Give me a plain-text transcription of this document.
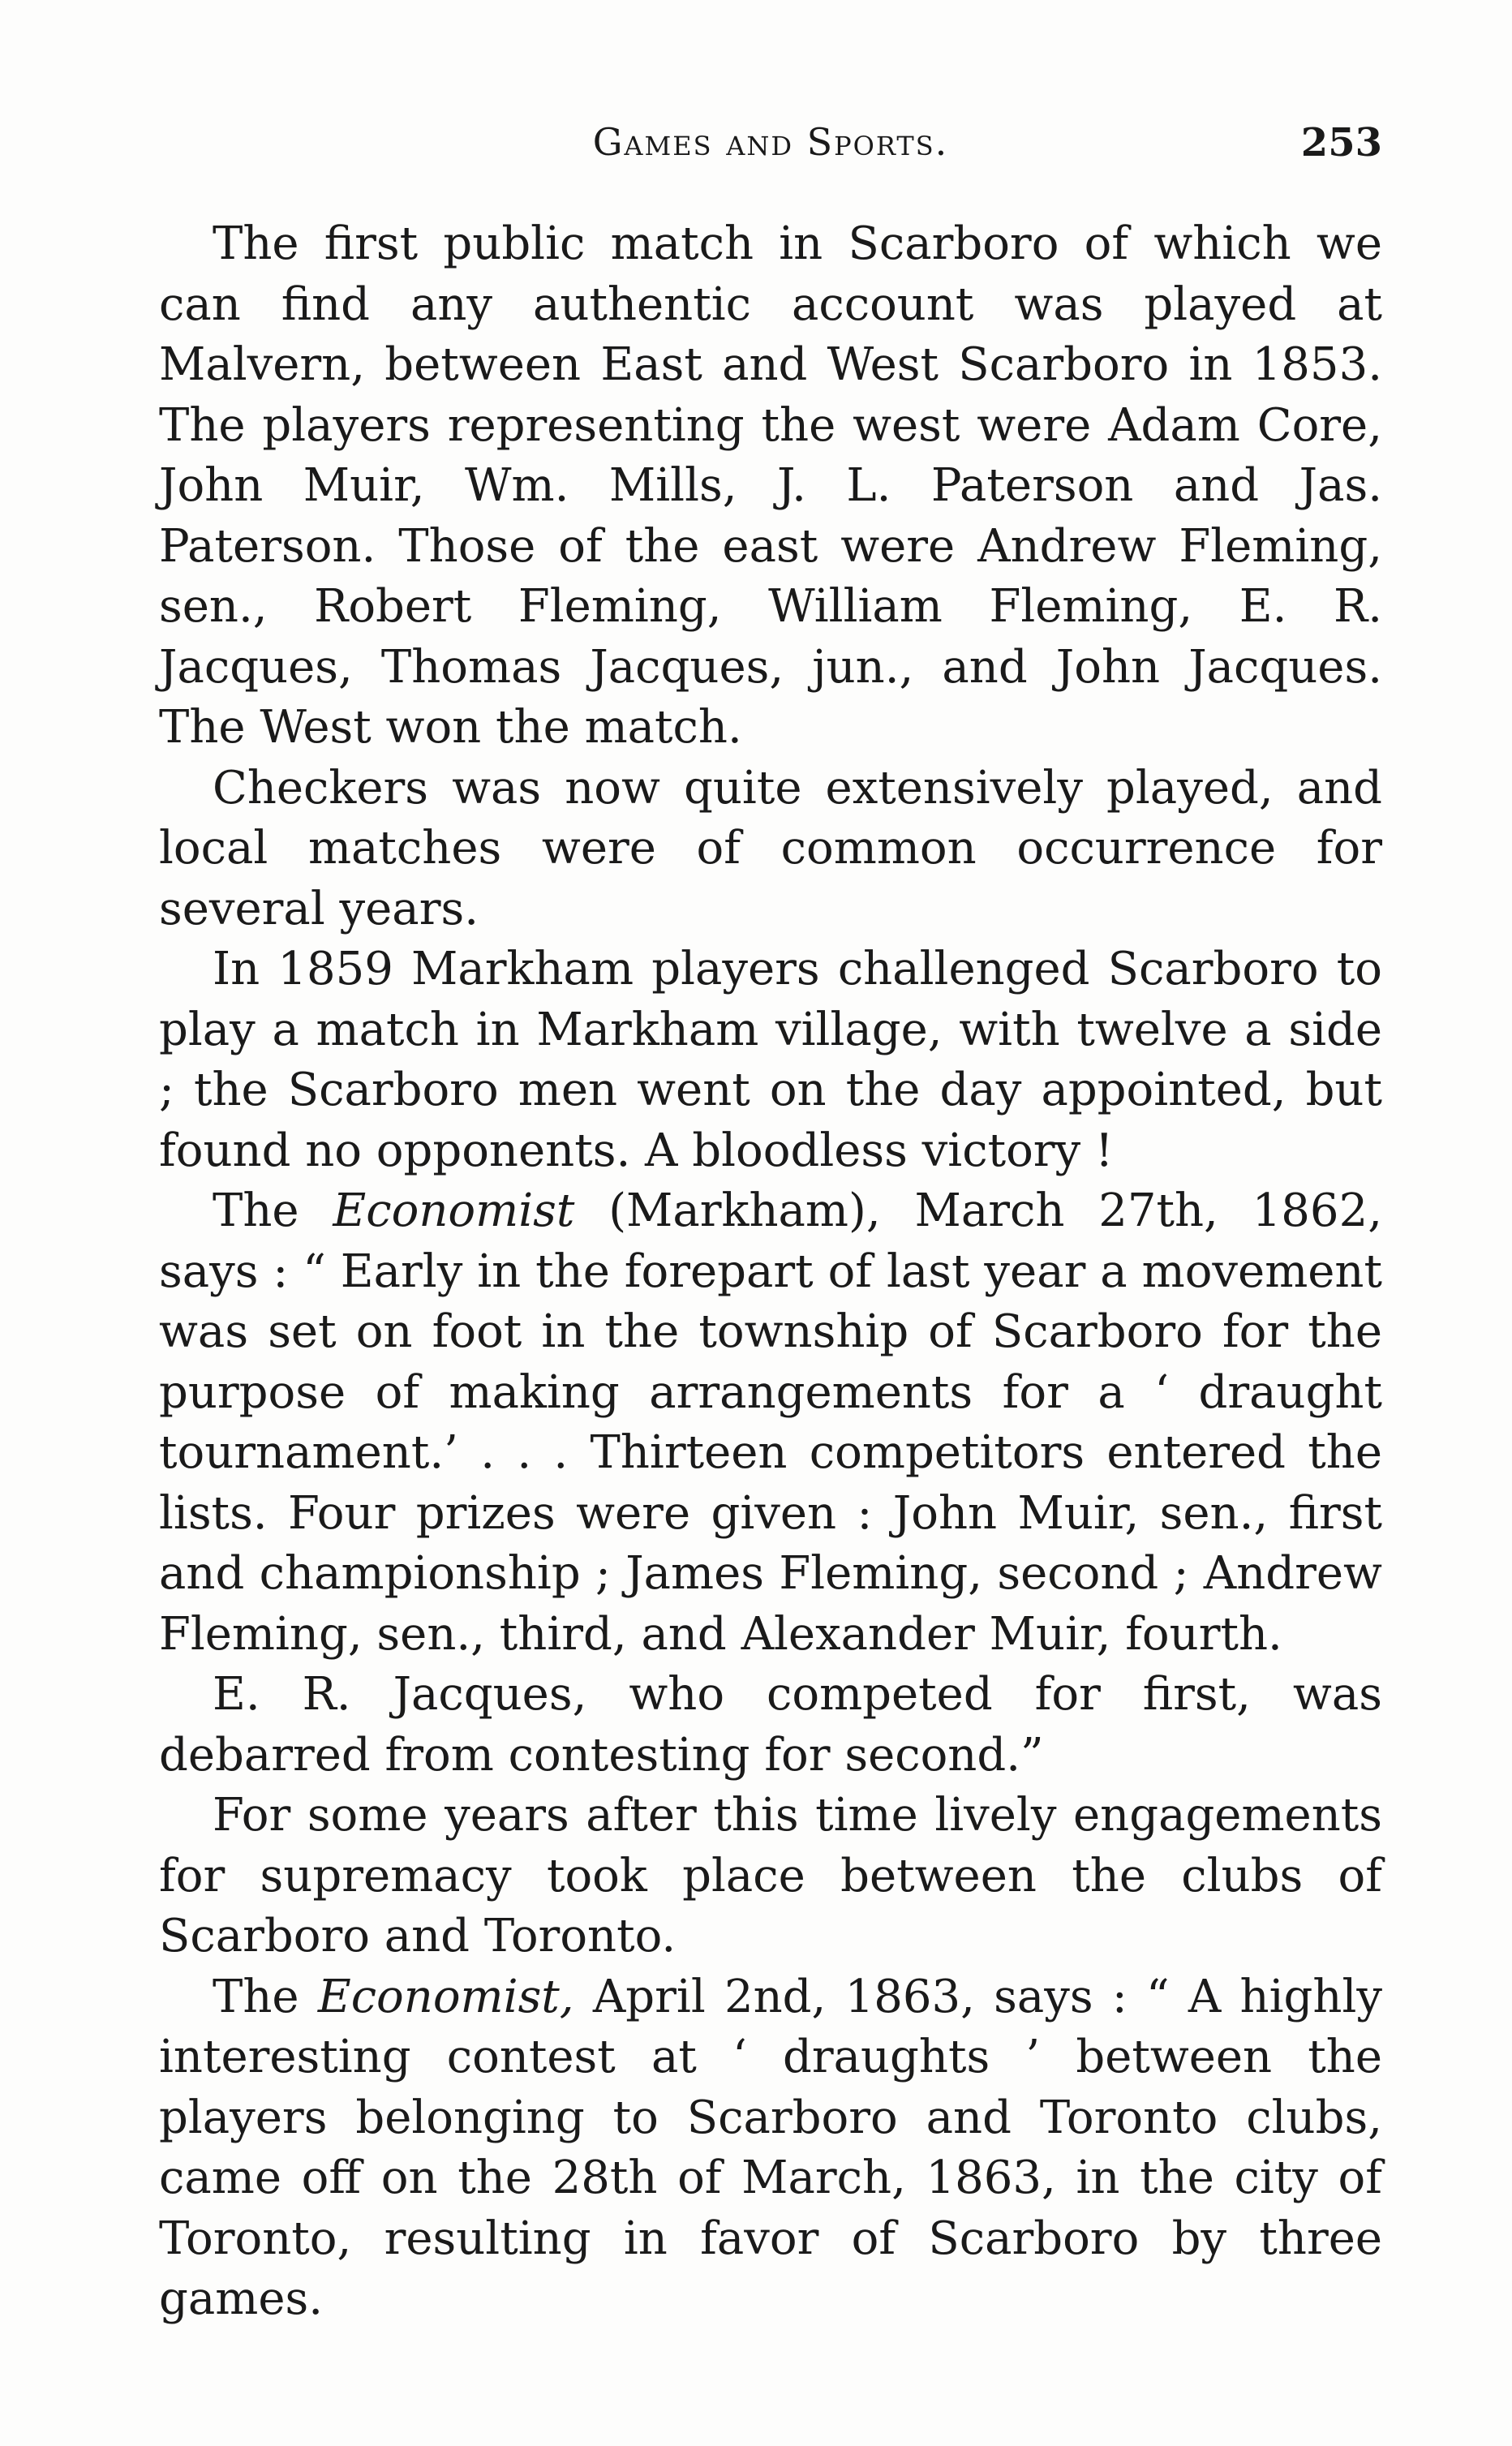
Games and Sports.	253

The first public match in Scarboro of which we can find any authentic account was played at Malvern, between East and West Scarboro in 1853. The players representing the west were Adam Core, John Muir, Wm. Mills, J. L. Paterson and Jas. Paterson. Those of the east were Andrew Fleming, sen., Robert Fleming, William Fleming, E. R. Jacques, Thomas Jacques, jun., and John Jacques. The West won the match.

Checkers was now quite extensively played, and local matches were of common occurrence for several years.

In 1859 Markham players challenged Scarboro to play a match in Markham village, with twelve a side ; the Scarboro men went on the day appointed, but found no opponents. A bloodless victory !

The Economist (Markham), March 27th, 1862, says : “ Early in the forepart of last year a movement was set on foot in the township of Scarboro for the purpose of making arrangements for a ‘ draught tournament.’ . . . Thirteen competitors entered the lists. Four prizes were given : John Muir, sen., first and championship ; James Fleming, second ; Andrew Fleming, sen., third, and Alexander Muir, fourth.

E. R. Jacques, who competed for first, was debarred from contesting for second.”

For some years after this time lively engagements for supremacy took place between the clubs of Scarboro and Toronto.

The Economist, April 2nd, 1863, says : “ A highly interesting contest at ‘ draughts ’ between the players belonging to Scarboro and Toronto clubs, came off on the 28th of March, 1863, in the city of Toronto, resulting in favor of Scarboro by three games.
